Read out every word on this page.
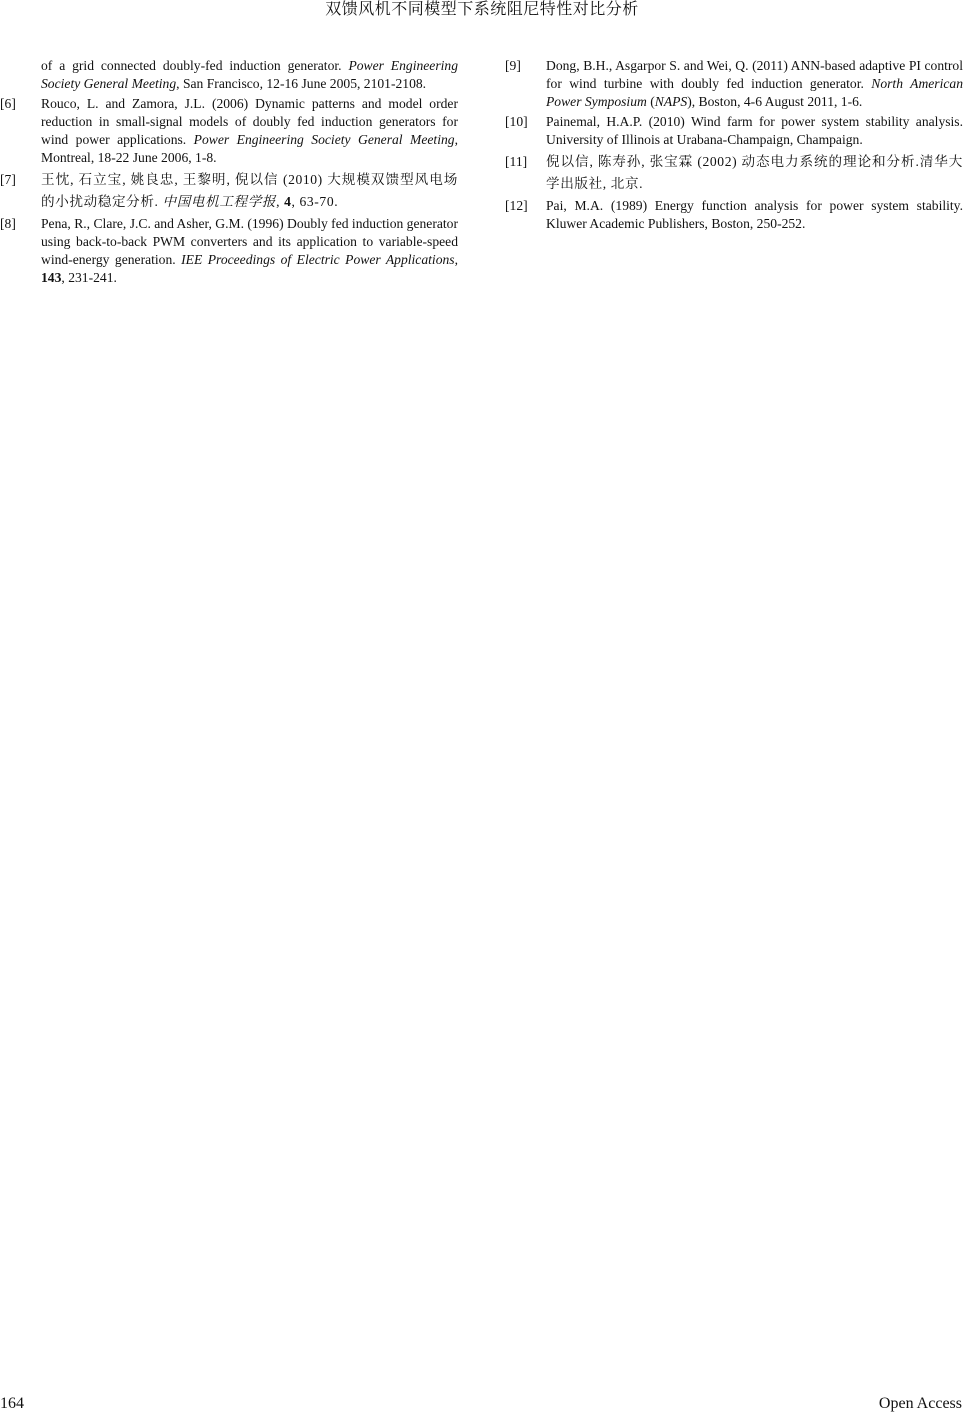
双馈风机不同模型下系统阻尼特性对比分析
of a grid connected doubly-fed induction generator. Power Engineering Society General Meeting, San Francisco, 12-16 June 2005, 2101-2108.
[6] Rouco, L. and Zamora, J.L. (2006) Dynamic patterns and model order reduction in small-signal models of doubly fed induction generators for wind power applications. Power Engineering Society General Meeting, Montreal, 18-22 June 2006, 1-8.
[7] 王忱, 石立宝, 姚良忠, 王黎明, 倪以信 (2010) 大规模双馈型风电场的小扰动稳定分析. 中国电机工程学报, 4, 63-70.
[8] Pena, R., Clare, J.C. and Asher, G.M. (1996) Doubly fed induction generator using back-to-back PWM converters and its application to variable-speed wind-energy generation. IEE Proceedings of Electric Power Applications, 143, 231-241.
[9] Dong, B.H., Asgarpor S. and Wei, Q. (2011) ANN-based adaptive PI control for wind turbine with doubly fed induction generator. North American Power Symposium (NAPS), Boston, 4-6 August 2011, 1-6.
[10] Painemal, H.A.P. (2010) Wind farm for power system stability analysis. University of Illinois at Urabana-Champaign, Champaign.
[11] 倪以信, 陈寿孙, 张宝霖 (2002) 动态电力系统的理论和分析.清华大学出版社, 北京.
[12] Pai, M.A. (1989) Energy function analysis for power system stability. Kluwer Academic Publishers, Boston, 250-252.
164	Open Access
